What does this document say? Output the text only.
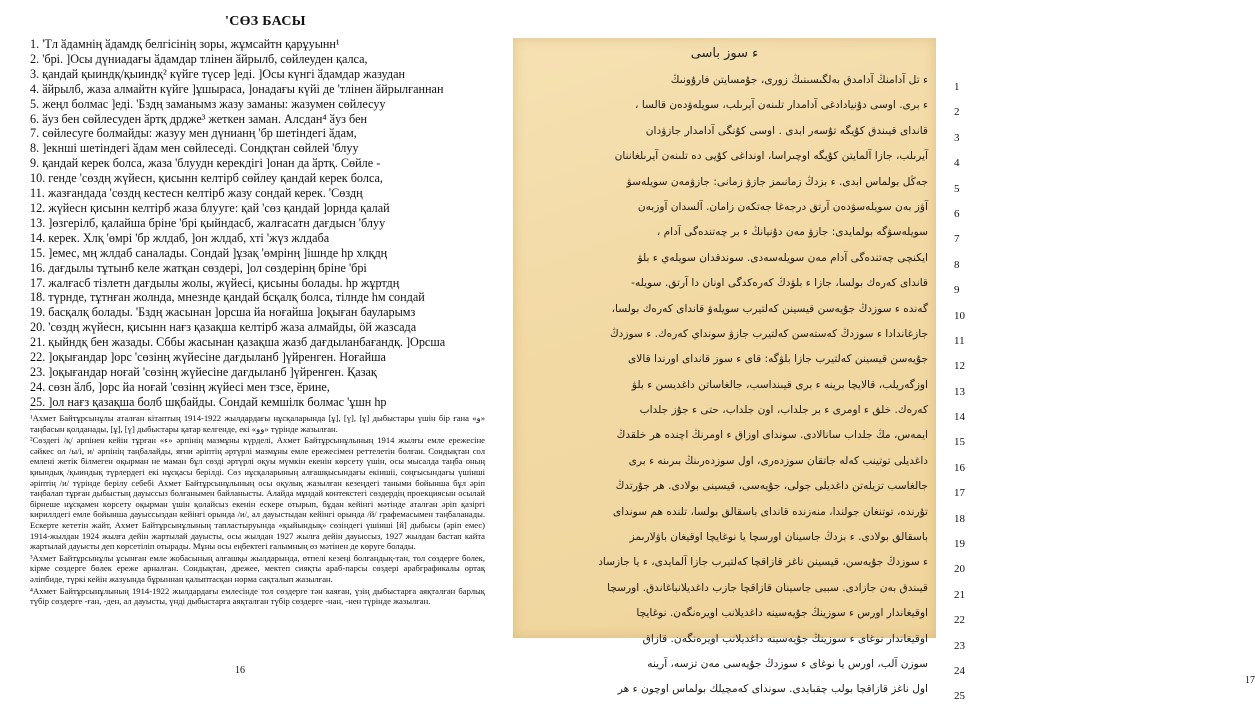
'СӨЗ БАСЫ
1. 'Tл ӑдамнің ӑдамдқ белгісінің зоры, жұмсайтн қарұуынн¹
2. 'брі. ]Осы дүниадағы ӑдамдар тлінен ӑйрылб, сөйлеуден қалса,
3. қандай қыиндқ/қыиндқ² күйге түсер ]еді. ]Осы күнгі ӑдамдар жазудан
4. ӑйрылб, жаза алмайтн күйге ]ұшыраса, ]онадағы күйі де 'тлінен ӑйрылғаннан
5. жеңл болмас ]еді. 'Бздң заманымз жазу заманы: жазумен сөйлесуу
6. ӑуз бен сөйлесуден ӑртқ дрдже³ жеткен заман. Алсдан⁴ ӑуз бен
7. сөйлесуге болмайды: жазуу мен дүнианң 'бр шетіндегі ӑдам,
8. ]екншi шетіндегі ӑдам мен сөйлеседі. Сондқтан сөйлей 'блуу
9. қандай керек болса, жаза 'блуудн керекдігі ]онан да ӑртқ. Сөйле -
10. генде 'сөздң жүйесн, қисынн келтірб сөйлеу қандай керек болса,
11. жазғандада 'сөздң кестесн келтірб жазу сондай керек. 'Сөздң
12. жүйесн қисынн келтірб жаза блууге: қай 'сөз қандай ]орнда қалай
13. ]өзгерілб, қалайша бріне 'брі қыйндасб, жалғасатн дағдысн 'блуу
14. керек. Хлқ 'өмрі 'бр жлдаб, ]он жлдаб, хтi 'жүз жлдаба
15. ]емес, мң жлдаб саналады. Сондай ]ұзақ 'өмрінң ]ішнде hр хлқдң
16. дағдылы тұтынб келе жатқан сөздері, ]ол сөздерінң бріне 'брі
17. жалғасб тізлетн дағдылы жолы, жүйесі, қисыны болады. hр жұртдң
18. түрнде, тұтнған жолнда, мнезнде қандай бсқалқ болса, тілнде hм сондай
19. басқалқ болады. 'Бздң жасынан ]орсша йа ноғайша ]оқыған бауларымз
20. 'сөздң жүйесн, қисынн нағз қазақша келтірб жаза алмайды, ӧй жазсада
21. қыйндқ бен жазады. Сббы жасынан қазақша жазб дағдыланбағандқ. ]Орсша
22. ]оқығандар ]орс 'сөзінң жүйесіне дағдыланб ]үйренген. Ноғайша
23. ]оқығандар ноғай 'сөзінң жүйесіне дағдыланб ]үйренген. Қазақ
24. сөзн ӑлб, ]орс йа ноғай 'сөзінң жүйесі мен тзсе, ӗрине,
25. ]ол нағз қазақша болб шқбайды. Сондай кемшілк болмас 'ұшн hр

¹Ахмет Байтұрсынұлы аталған кітаптың 1914-1922 жылдардағы нұсқаларында [ұ], [ү], [ұ] дыбыстары үшін бір ғана «ﻭ» таңбасын қолданады, [ұ], [ү] дыбыстары қатар келгенде, екі «ﻭﻭ» түрінде жазылған.

²Сөздегі /қ/ әрпінен кейін тұрған «ﺀ» әрпінің мазмұны күрделі, Ахмет Байтұрсынұлының 1914 жылғы емле ережесіне сәйкес ол /ы/і, и/ әрпінің таңбалайды, яғни әріптің әртүрлі мазмұны емле ережесімен реттелетін болған. Сондықтан сол емлені жетік білмеген оқырман не маман бұл сөзді әртүрлі оқуы мүмкін екенін көрсету үшін, осы мысалда таңба оның қиындық /қыиндық түрлердегі екі нұсқасы берілді. Сөз нұсқаларының алғашқысындағы екіншіі, соңғысындағы үшінші әріптің /и/ түрінде берілу себебі Ахмет Байтұрсынұлының осы оқулық жазылған кезеңдегі таными бойынша бұл әріп таңбалап тұрған дыбыстың дауыссыз болғанымен байланысты. Алайда мұндай контекстегі сөздердің проекциясын осылай бірнеше нұсқамен көрсету оқырман үшін қолайсыз екенін ескере отырып, бұдан кейінгі мәтінде аталған әріп қазіргі кириллдегі емле бойынша дауыссыздан кейінгі орында /и/, ал дауыстыдан кейінгі орында /й/ графемасымен таңбаланады. Ескерте кететін жайт, Ахмет Байтұрсынұлының тапластыруында «қыйындық» сөзіндегі үшінші [й] дыбысы (әріп емес) 1914-жылдан 1924 жылға дейін жартылай дауысты, осы жылдан 1927 жылға дейін дауыссыз, 1927 жылдан бастап кайта жартылай дауысты деп көрсетіліп отырады. Мұны осы еңбектегі ғалымның өз мәтінен де көруге болады.

³Ахмет Байтұрсынұлы ұсынған емле жобасының алғашқы жылдарында, өтпелі кезеңі болғандық-тан, тол сөздерге болек, кірме сөздерге бөлек ереже арналған. Сондықтан, дрежее, мектеп сияқты араб-парсы сөздері арабграфикалы ортақ әліпбиде, түркі кейін жазуында бұрыннан қалыптасқан нормa сақталып жазылған.

⁴Ахмет Байтұрсынұлының 1914-1922 жылдардағы емлесінде тол сөздерге тән каяған, үзің дыбыстарға аяқталған барлық түбір сөздерге -ған, -ден, ал дауысты, үнді дыбыстарға аяқталған түбір сөздерге -нан, -нен түрінде жазылған.

16
ء سوز باسى
ء تل آدامنڭ آدامدق بەلگىسىنىڭ زورى، جۇمسايتن فارۇونىڭ
ء برى. اوسى دۇنيادادغى آدامدار تلىنەن آيرىلب، سويلەۋدەن قالسا ،
قاندای قيىندق كۇيگە تۇسەر ابدى . اوسى كۇنگى آدامدار جازۋدان
آيرىلب، جازا آلمايتن كۇيگە اوچىراسا، اونداغى كۇيى دە تلىنەن آيرىلغاننان
جەڭل بولماس ابدى. ء بزدڭ زمانىمز جازۋ زمانى: جازۋمەن سويلەسۋ
آۋز بەن سويلەسۋدەن آرتق درجەغا جەتكەن زامان. آلسدان آوزبەن
سويلەسۋگە بولمايدى: جازۋ مەن دۇنيانڭ ء بر چەتندەگى آدام ،
ايكنچى چەتندەگى آدام مەن سويلەسەدى. سوندقدان سويلەي ء بلۋ
قاندای كەرەك بولسا، جازا ء بلۋدڭ كەرەكدگى اونان دا آرتق. سويلە-
گەندە ء سوزدڭ جۇيەسن قيسينن كەلتيرب سويلەۋ قاندای كەرەك بولسا،
جازغاندادا ء سوزدڭ كەستەسن كەلتيرب جازۋ سونداي كەرەك. ء سوزدڭ
جۇيەسن قيسينن كەلتيرب جازا بلۋگە: قاى ء سوز قاندای اورندا قالاى
اوزگەريلب، قالايچا برينە ء برى قيىنداسب، جالغاساتن داغديسن ء بلۋ
كەرەك. خلق ء اومرى ء بر جلداب، اون جلداب، حتى ء جۇز جلداب
ايمەس، مڭ جلداب سانالادى. سونداى اوزاق ء اومرنڭ اچندە هر خلقدڭ
داغديلى توتينب كەلە جاتقان سوزدەرى، اول سوزدەرىنڭ بىرىنە ء برى
جالغاسب تزيلەتن داغديلى جولى، جۇيەسى، قيسينى بولادى. هر جۇرتدڭ
تۇرندە، توتنغان جولندا، منەزندە قانداى باسقالق بولسا، تلندە هم سونداى
باسقالق بولادى. ء بزدڭ جاسينان اورسچا يا نوغايچا اوقيغان باۋلارىمز
ء سوزدڭ جۇيەسن، قيسينن ناغز قازاقچا كەلتيرب جازا آلمايدى، ء يا جازساد
قيىندق بەن جازادى. سببى جاسينان قازاقچا جازب داغديلانباغاندق. اورسچا
اوقيغاندار اورس ء سوزينڭ جۇيەسينە داغديلانب اويرەنگەن. نوغايچا
اوقيغاندار نوغاى ء سوزينڭ جۇيەسينە داغديلانب اويرەنگەن. قازاق
سوزن آلب، اورس يا نوغاى ء سوزدڭ جۇيەسى مەن تزسە، آرينە
اول ناغز قازاقچا بولب چقبايدى. سونداى كەمچيلك بولماس اوچون ء هر
1
2
3
4
5
6
7
8
9
10
11
12
13
14
15
16
17
18
19
20
21
22
23
24
25
17
